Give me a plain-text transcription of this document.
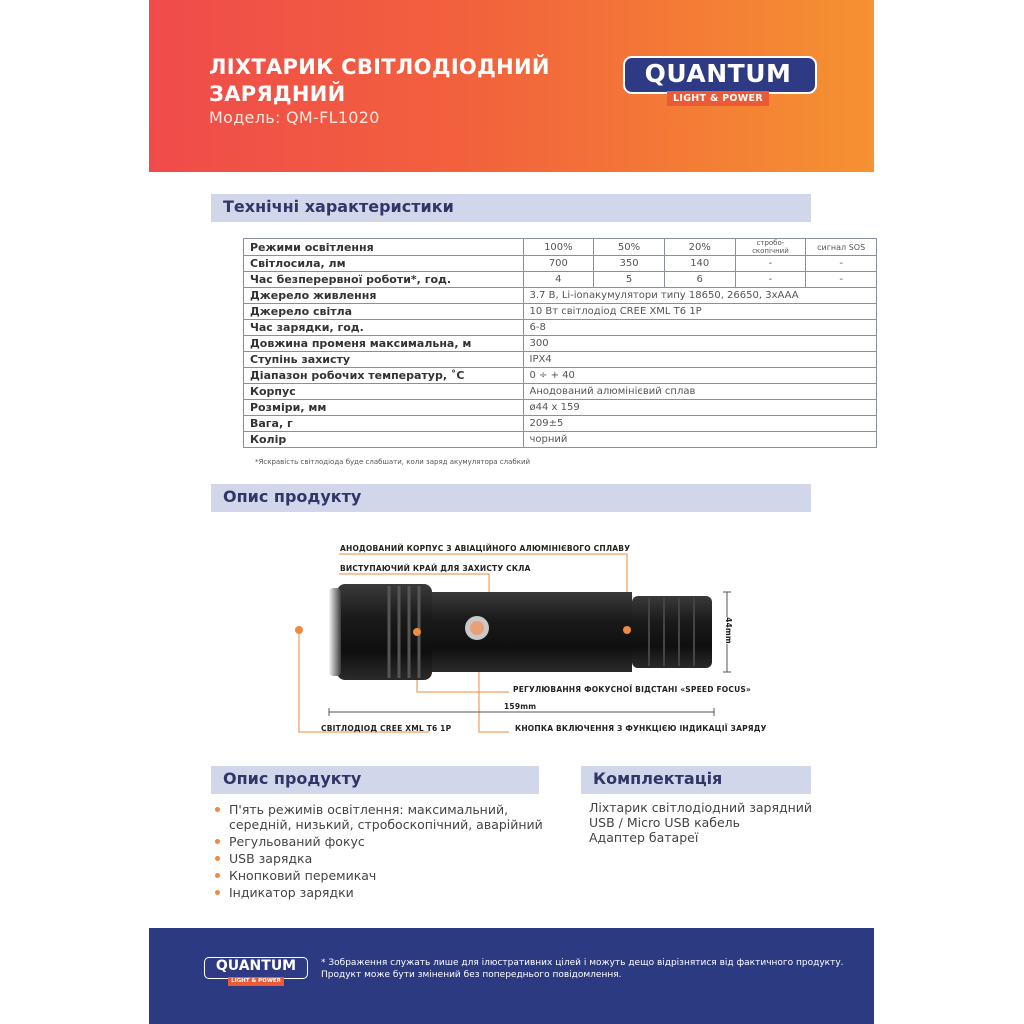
ЛІХТАРИК СВІТЛОДІОДНИЙ
ЗАРЯДНИЙ
Модель: QM-FL1020
QUANTUM
LIGHT & POWER
Технічні характеристики
Режими освітлення	100%	50%	20%	стробо-скопічний	сигнал SOS
Світлосила, лм	700	350	140	-	-
Час безперервної роботи*, год.	4	5	6	-	-
Джерело живлення	3.7 В, Li-ionакумулятори типу 18650, 26650, 3хAAA				
Джерело світла	10 Вт світлодіод CREE XML T6 1P				
Час зарядки, год.	6-8				
Довжина променя максимальна, м	300				
Ступінь захисту	IPX4				
Діапазон робочих температур, ˚С	0 ÷ + 40				
Корпус	Анодований алюмінієвий сплав				
Розміри, мм	ø44 x 159				
Вага, г	209±5				
Колір	чорний				
*Яскравість світлодіода буде слабшати, коли заряд акумулятора слабкий
Опис продукту
АНОДОВАНИЙ КОРПУС З АВІАЦІЙНОГО АЛЮМІНІЄВОГО СПЛАВУ
ВИСТУПАЮЧИЙ КРАЙ ДЛЯ ЗАХИСТУ СКЛА
РЕГУЛЮВАННЯ ФОКУСНОЇ ВІДСТАНІ «SPEED FOCUS»
СВІТЛОДІОД CREE XML T6 1P	КНОПКА ВКЛЮЧЕННЯ З ФУНКЦІЄЮ ІНДИКАЦІЇ ЗАРЯДУ
159mm
44mm
Опис продукту	Комплектація
П'ять режимів освітлення: максимальний,
середній, низький, стробоскопічний, аварійний
Регульований фокус
USB зарядка
Кнопковий перемикач
Індикатор зарядки
Ліхтарик світлодіодний зарядний
USB / Micro USB кабель
Адаптер батареї
QUANTUM
LIGHT & POWER
* Зображення служать лише для ілюстративних цілей і можуть дещо відрізнятися від фактичного продукту.
Продукт може бути змінений без попереднього повідомлення.
